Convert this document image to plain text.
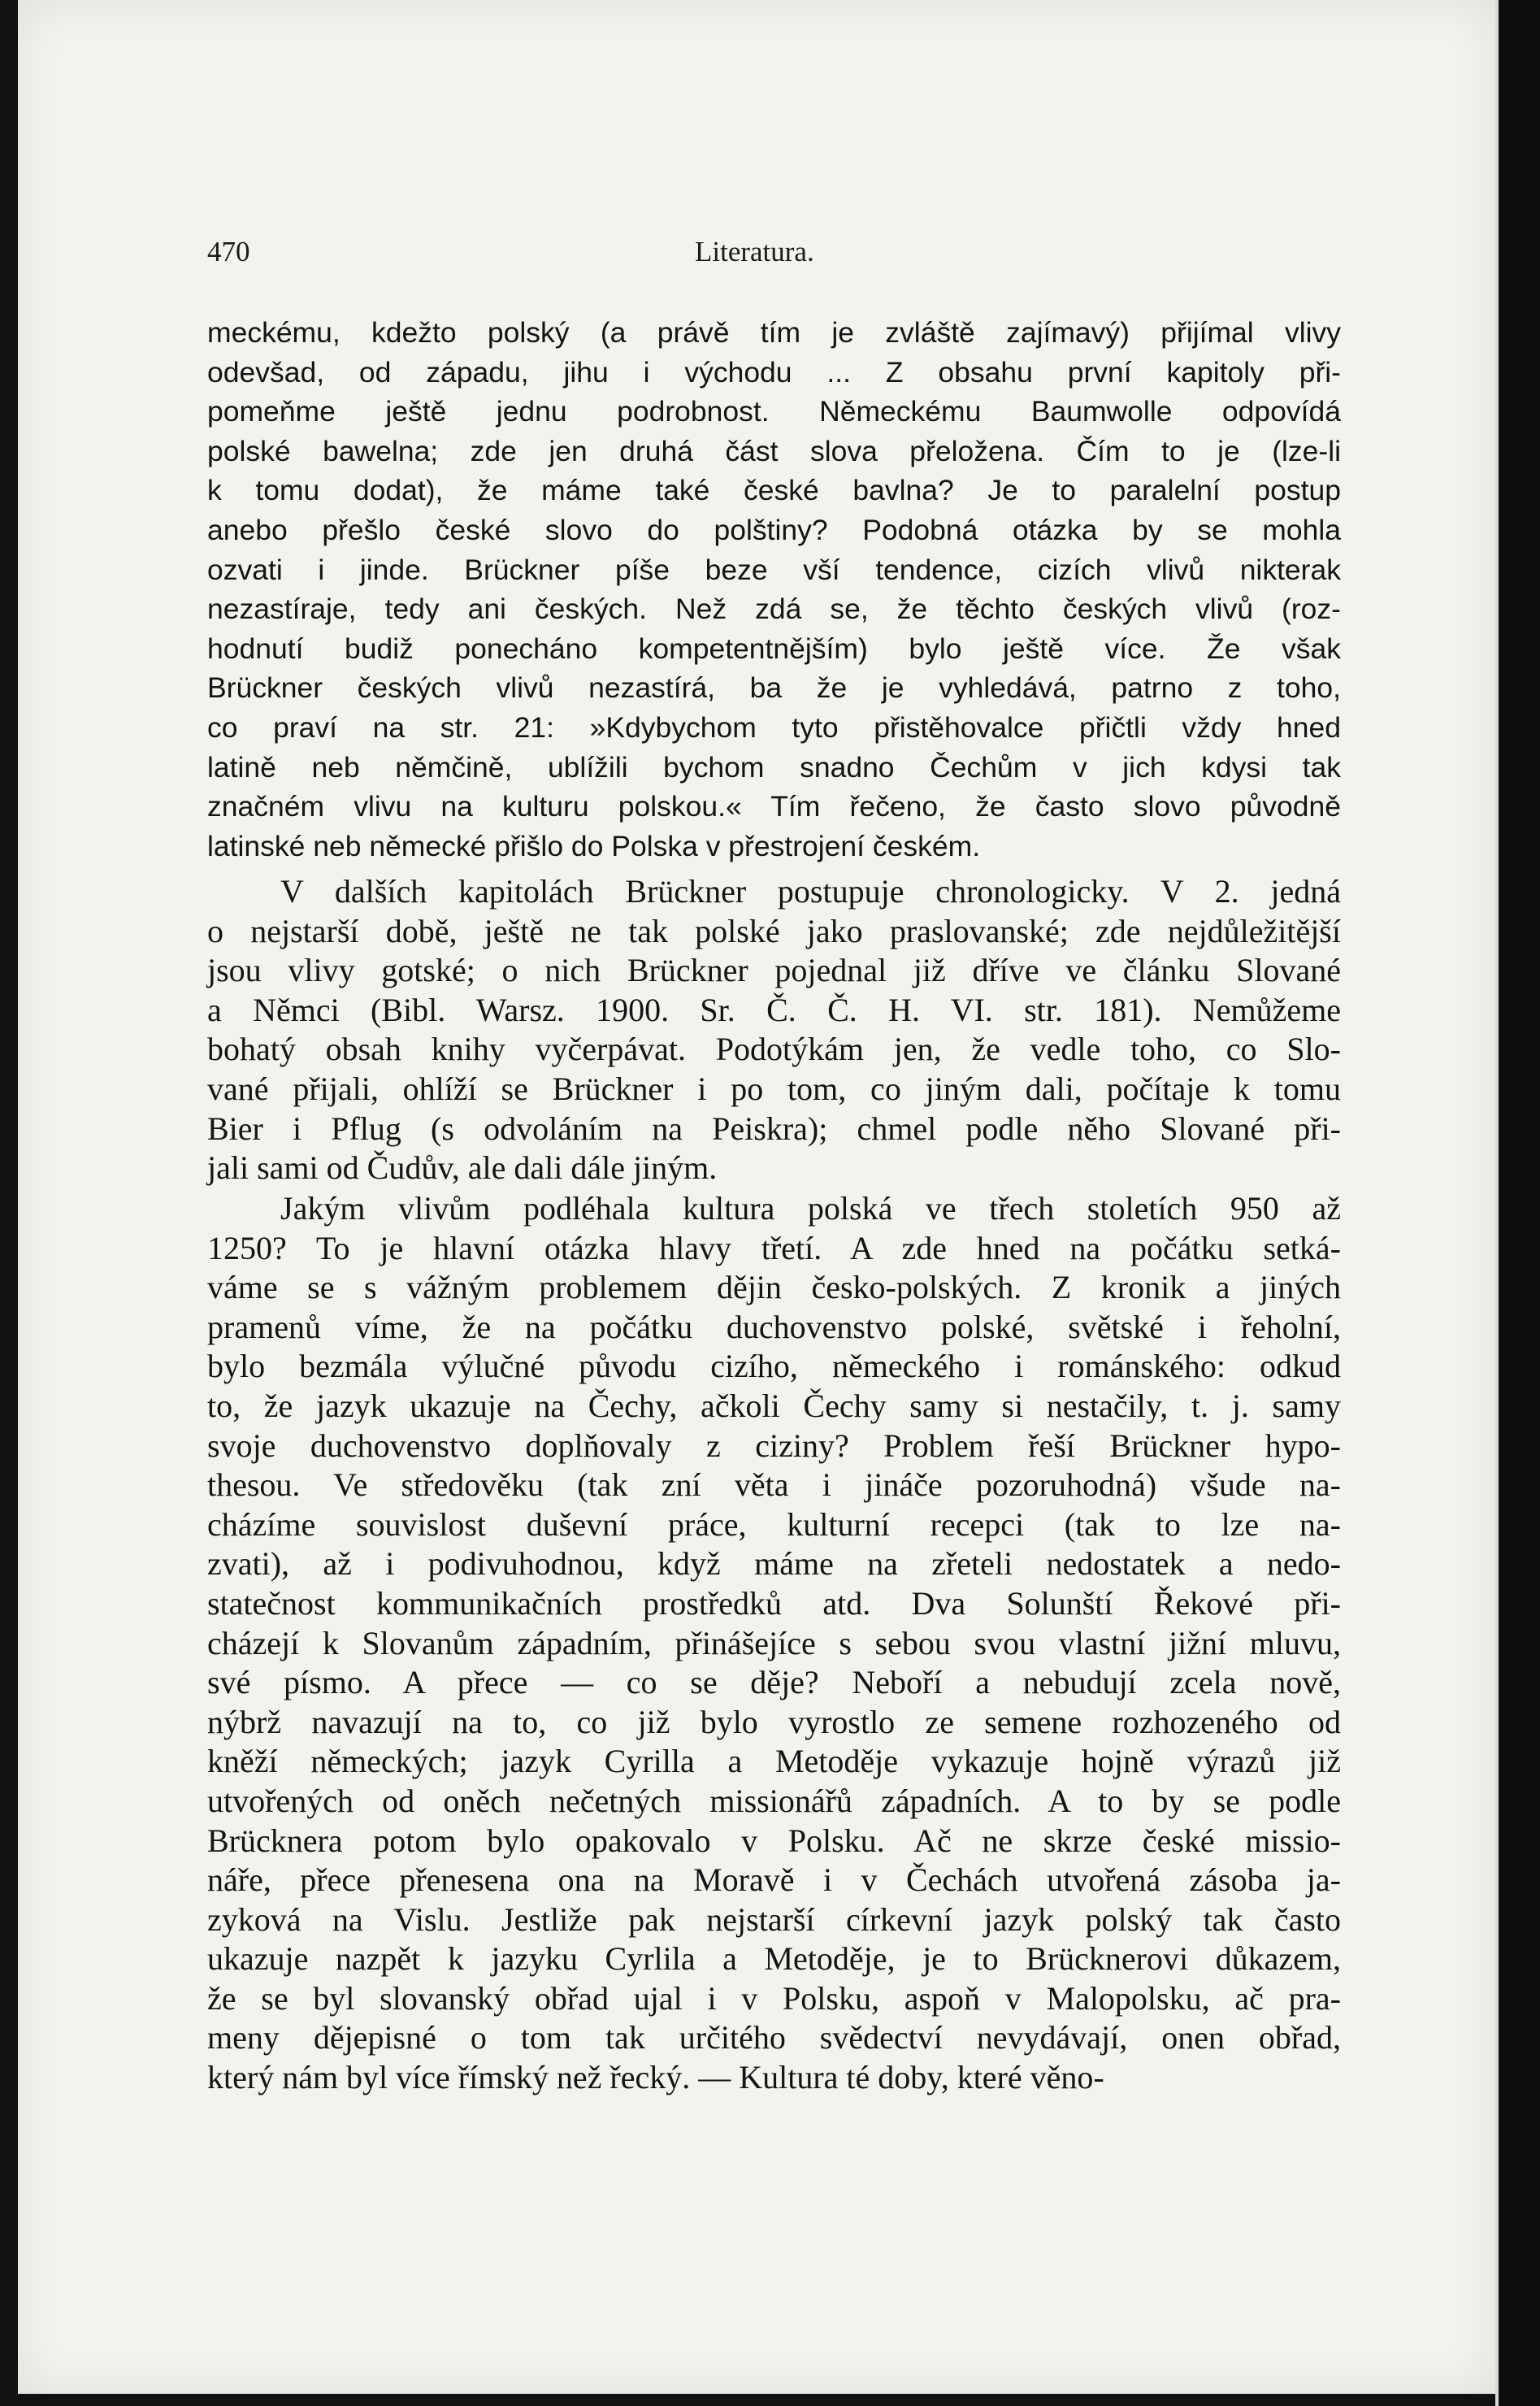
470	Literatura.
meckému, kdežto polský (a právě tím je zvláště zajímavý) přijímal vlivy
odevšad, od západu, jihu i východu ... Z obsahu první kapitoly při-
pomeňme ještě jednu podrobnost. Německému Baumwolle odpovídá
polské bawelna; zde jen druhá část slova přeložena. Čím to je (lze-li
k tomu dodat), že máme také české bavlna? Je to paralelní postup
anebo přešlo české slovo do polštiny? Podobná otázka by se mohla
ozvati i jinde. Brückner píše beze vší tendence, cizích vlivů nikterak
nezastíraje, tedy ani českých. Než zdá se, že těchto českých vlivů (roz-
hodnutí budiž ponecháno kompetentnějším) bylo ještě více. Že však
Brückner českých vlivů nezastírá, ba že je vyhledává, patrno z toho,
co praví na str. 21: »Kdybychom tyto přistěhovalce přičtli vždy hned
latině neb němčině, ublížili bychom snadno Čechům v jich kdysi tak
značném vlivu na kulturu polskou.« Tím řečeno, že často slovo původně
latinské neb německé přišlo do Polska v přestrojení českém.
V dalších kapitolách Brückner postupuje chronologicky. V 2. jedná
o nejstarší době, ještě ne tak polské jako praslovanské; zde nejdůležitější
jsou vlivy gotské; o nich Brückner pojednal již dříve ve článku Slované
a Němci (Bibl. Warsz. 1900. Sr. Č. Č. H. VI. str. 181). Nemůžeme
bohatý obsah knihy vyčerpávat. Podotýkám jen, že vedle toho, co Slo-
vané přijali, ohlíží se Brückner i po tom, co jiným dali, počítaje k tomu
Bier i Pflug (s odvoláním na Peiskra); chmel podle něho Slované při-
jali sami od Čudův, ale dali dále jiným.
Jakým vlivům podléhala kultura polská ve třech stoletích 950 až
1250? To je hlavní otázka hlavy třetí. A zde hned na počátku setká-
váme se s vážným problemem dějin česko-polských. Z kronik a jiných
pramenů víme, že na počátku duchovenstvo polské, světské i řeholní,
bylo bezmála výlučné původu cizího, německého i románského: odkud
to, že jazyk ukazuje na Čechy, ačkoli Čechy samy si nestačily, t. j. samy
svoje duchovenstvo doplňovaly z ciziny? Problem řeší Brückner hypo-
thesou. Ve středověku (tak zní věta i jináče pozoruhodná) všude na-
cházíme souvislost duševní práce, kulturní recepci (tak to lze na-
zvati), až i podivuhodnou, když máme na zřeteli nedostatek a nedo-
statečnost kommunikačních prostředků atd. Dva Solunští Řekové při-
cházejí k Slovanům západním, přinášejíce s sebou svou vlastní jižní mluvu,
své písmo. A přece — co se děje? Neboří a nebudují zcela nově,
nýbrž navazují na to, co již bylo vyrostlo ze semene rozhozeného od
kněží německých; jazyk Cyrilla a Metoděje vykazuje hojně výrazů již
utvořených od oněch nečetných missionářů západních. A to by se podle
Brücknera potom bylo opakovalo v Polsku. Ač ne skrze české missio-
náře, přece přenesena ona na Moravě i v Čechách utvořená zásoba ja-
zyková na Vislu. Jestliže pak nejstarší církevní jazyk polský tak často
ukazuje nazpět k jazyku Cyrlila a Metoděje, je to Brücknerovi důkazem,
že se byl slovanský obřad ujal i v Polsku, aspoň v Malopolsku, ač pra-
meny dějepisné o tom tak určitého svědectví nevydávají, onen obřad,
který nám byl více římský než řecký. — Kultura té doby, které věno-
